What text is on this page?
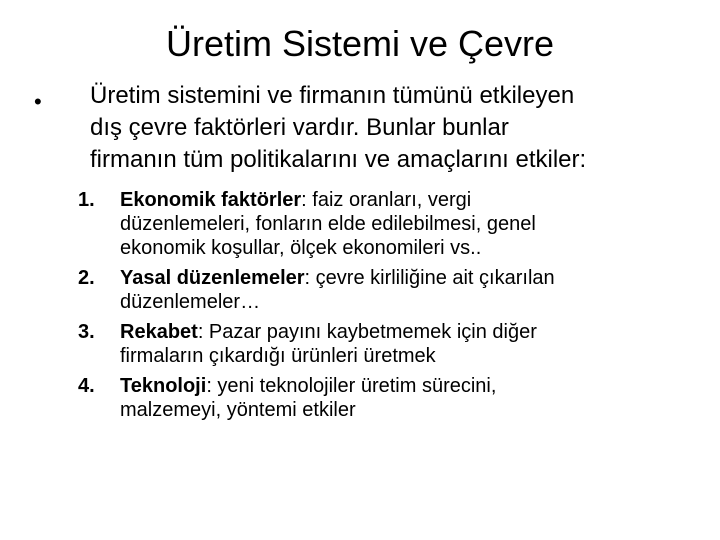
Üretim Sistemi ve Çevre
• Üretim sistemini ve firmanın tümünü etkileyen
dış çevre faktörleri vardır. Bunlar bunlar
firmanın tüm politikalarını ve amaçlarını etkiler:
1. Ekonomik faktörler: faiz oranları, vergi
düzenlemeleri, fonların elde edilebilmesi, genel
ekonomik koşullar, ölçek ekonomileri vs..
2. Yasal düzenlemeler: çevre kirliliğine ait çıkarılan
düzenlemeler…
3. Rekabet: Pazar payını kaybetmemek için diğer
firmaların çıkardığı ürünleri üretmek
4. Teknoloji: yeni teknolojiler üretim sürecini,
malzemeyi, yöntemi etkiler
